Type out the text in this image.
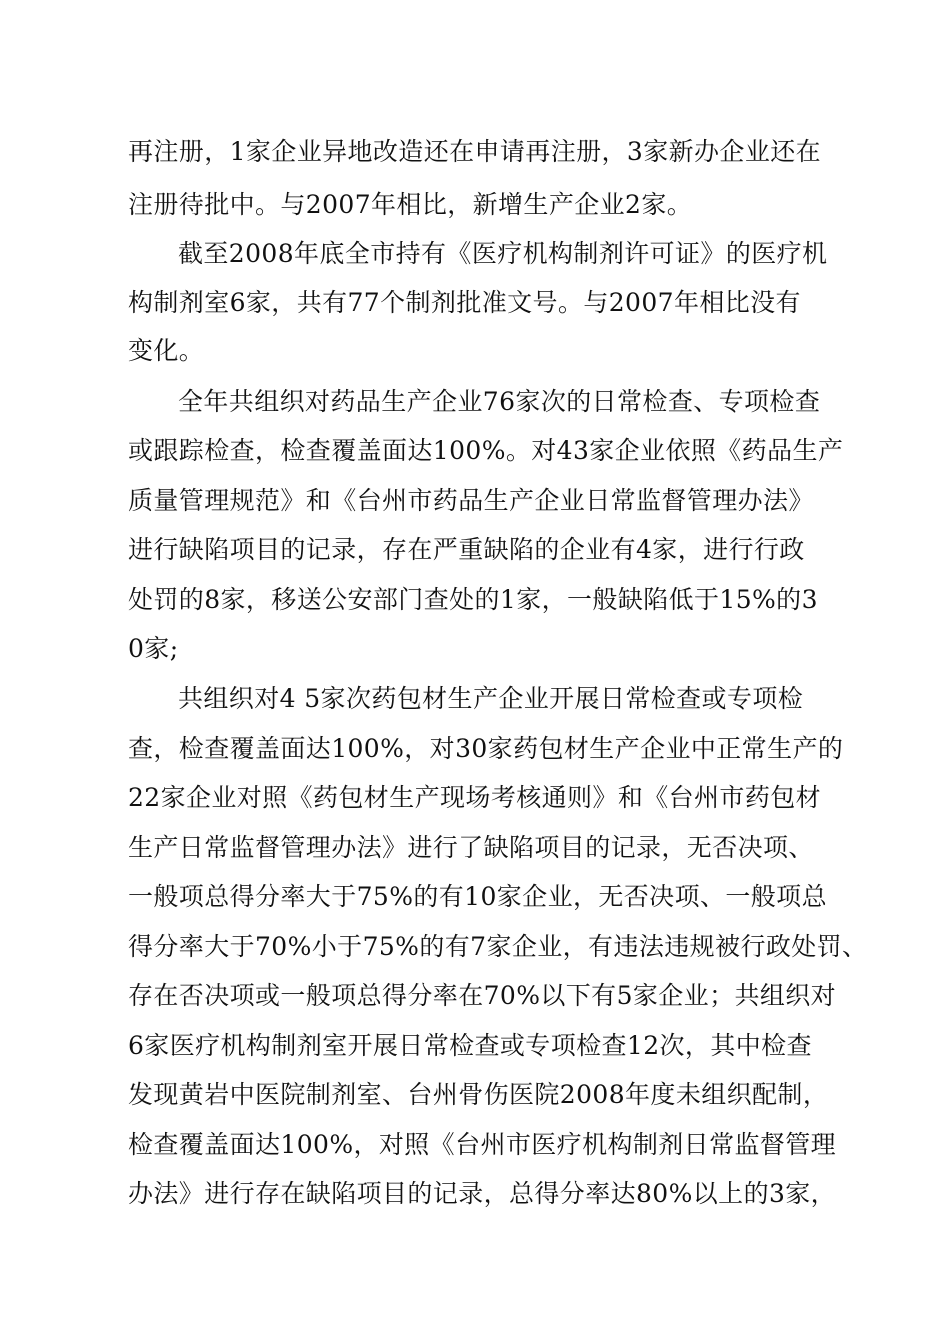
再注册，1家企业异地改造还在申请再注册，3家新办企业还在
注册待批中。与2007年相比，新增生产企业2家。
截至2008年底全市持有《医疗机构制剂许可证》的医疗机
构制剂室6家，共有77个制剂批准文号。与2007年相比没有
变化。
全年共组织对药品生产企业76家次的日常检查、专项检查
或跟踪检查，检查覆盖面达100%。对43家企业依照《药品生产
质量管理规范》和《台州市药品生产企业日常监督管理办法》
进行缺陷项目的记录，存在严重缺陷的企业有4家，进行行政
处罚的8家，移送公安部门查处的1家，一般缺陷低于15%的3
0家;
共组织对4 5家次药包材生产企业开展日常检查或专项检
查，检查覆盖面达100%，对30家药包材生产企业中正常生产的
22家企业对照《药包材生产现场考核通则》和《台州市药包材
生产日常监督管理办法》进行了缺陷项目的记录，无否决项、
一般项总得分率大于75%的有10家企业，无否决项、一般项总
得分率大于70%小于75%的有7家企业，有违法违规被行政处罚、
存在否决项或一般项总得分率在70%以下有5家企业；共组织对
6家医疗机构制剂室开展日常检查或专项检查12次，其中检查
发现黄岩中医院制剂室、台州骨伤医院2008年度未组织配制，
检查覆盖面达100%，对照《台州市医疗机构制剂日常监督管理
办法》进行存在缺陷项目的记录，总得分率达80%以上的3家，
